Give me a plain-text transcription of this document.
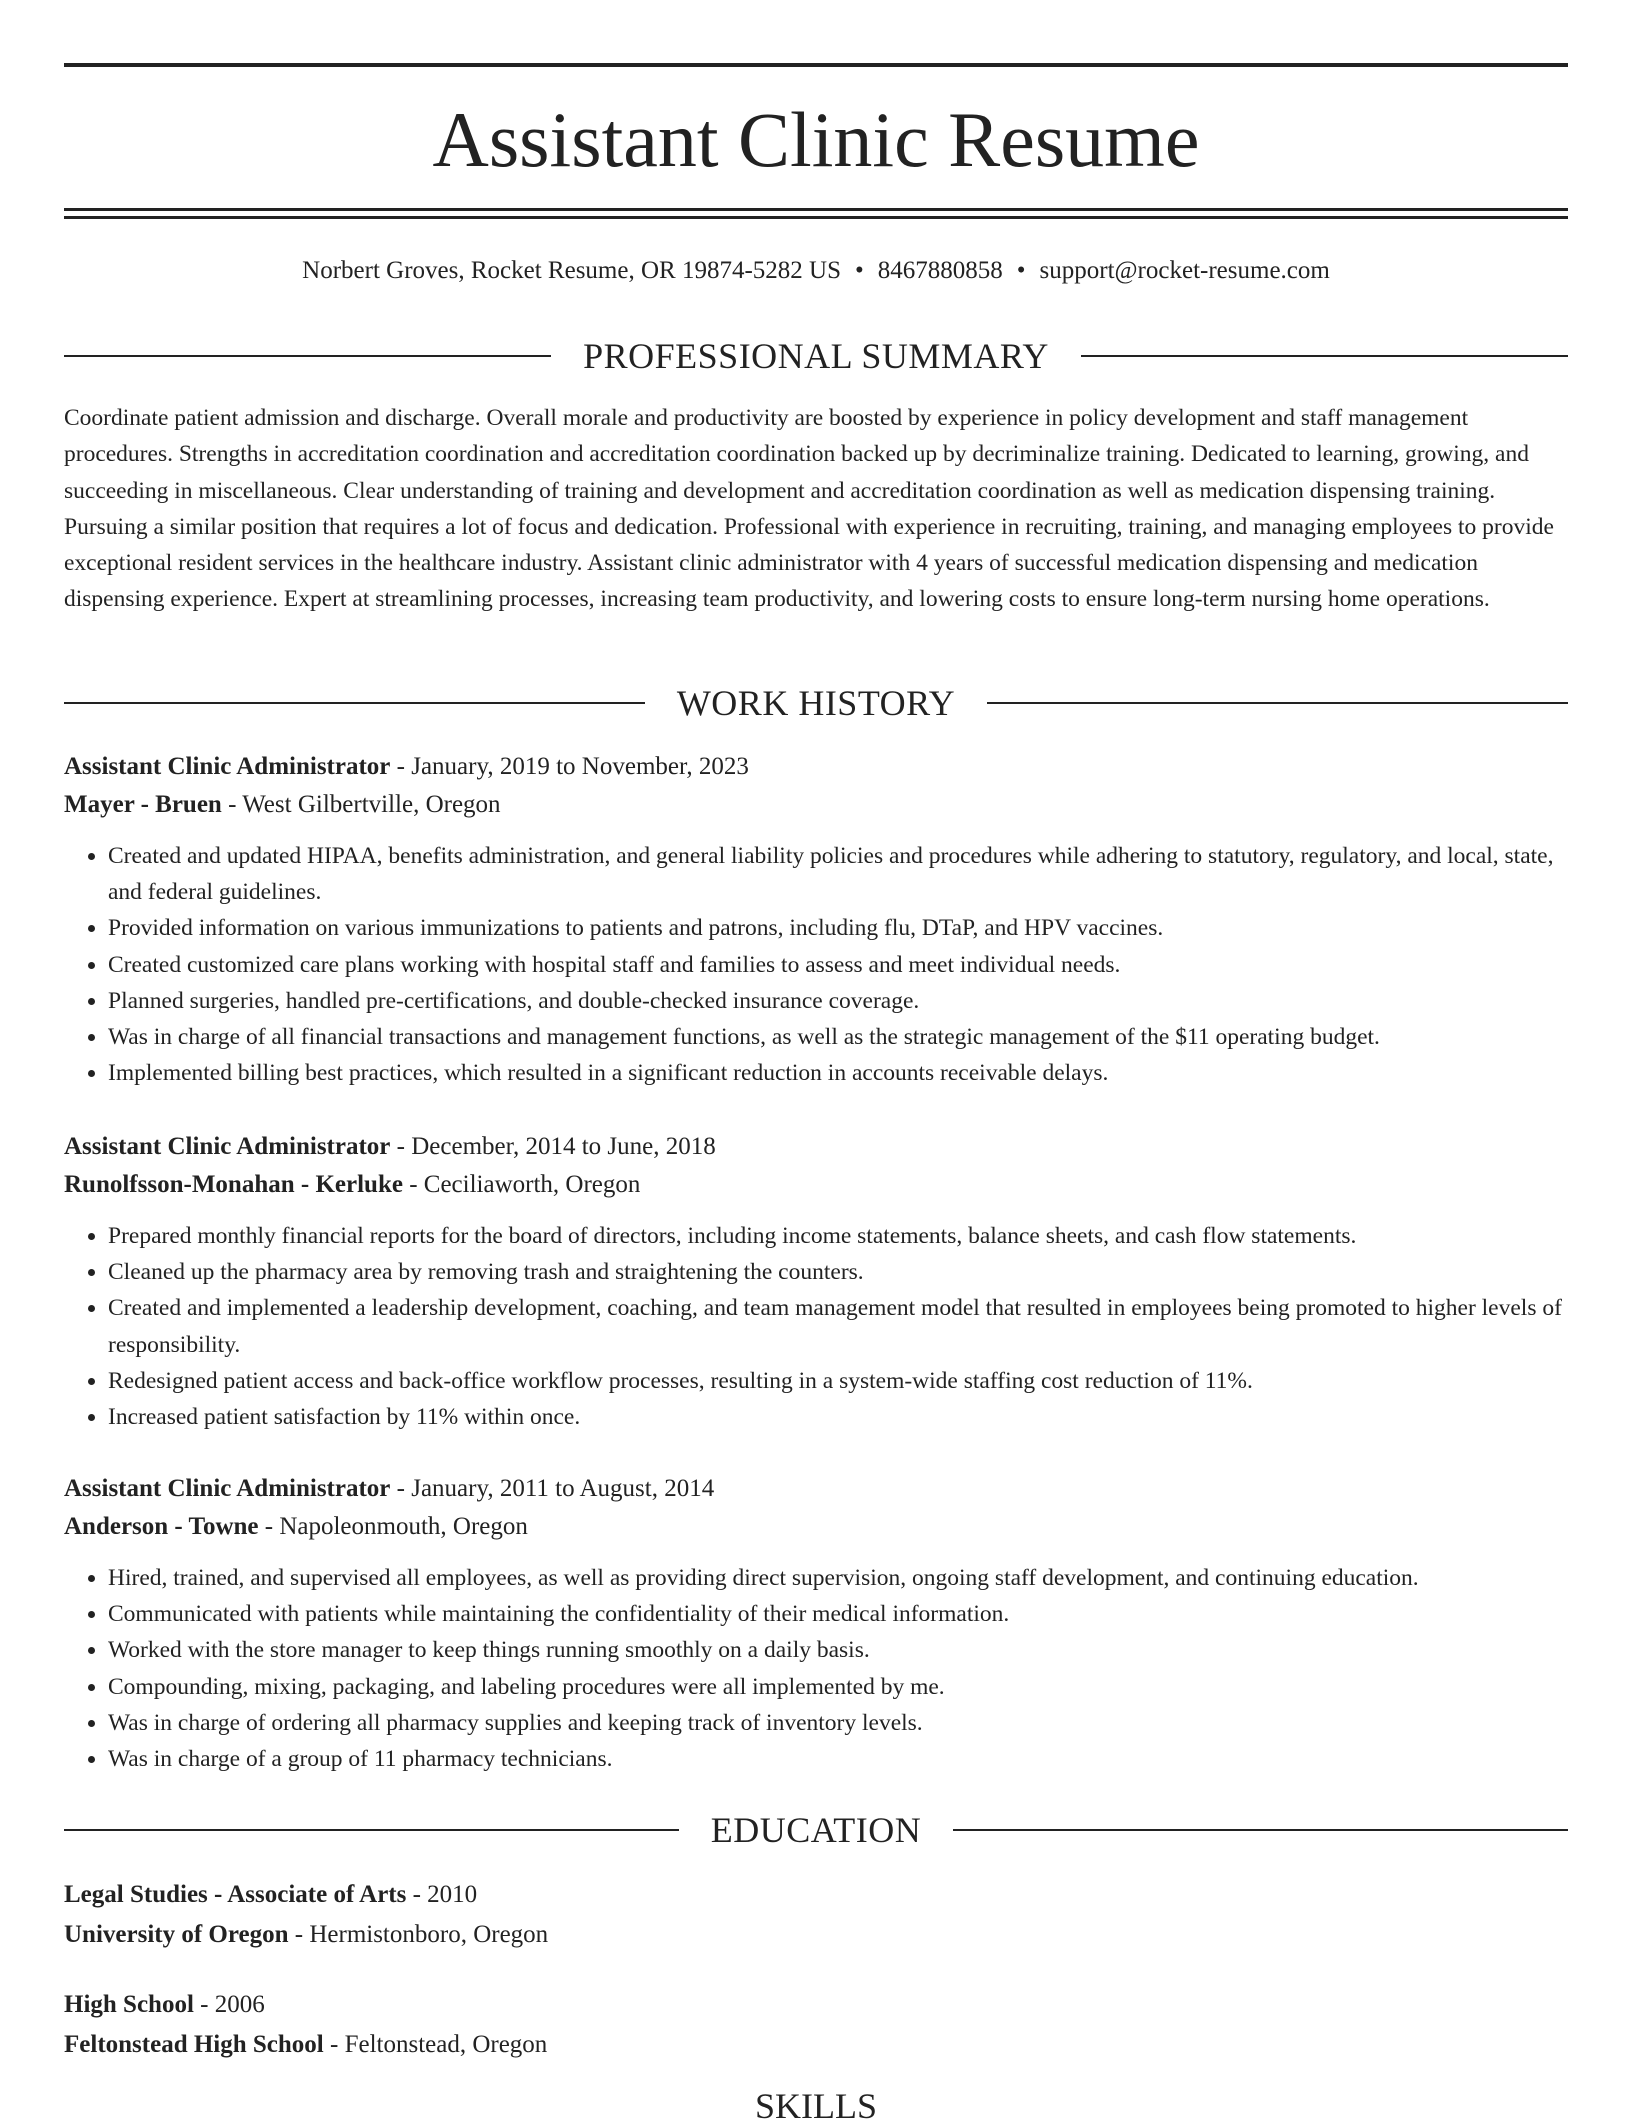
Assistant Clinic Resume
Norbert Groves, Rocket Resume, OR 19874-5282 US • 8467880858 • support@rocket-resume.com
PROFESSIONAL SUMMARY

Coordinate patient admission and discharge. Overall morale and productivity are boosted by experience in policy development and staff management procedures. Strengths in accreditation coordination and accreditation coordination backed up by decriminalize training. Dedicated to learning, growing, and succeeding in miscellaneous. Clear understanding of training and development and accreditation coordination as well as medication dispensing training. Pursuing a similar position that requires a lot of focus and dedication. Professional with experience in recruiting, training, and managing employees to provide exceptional resident services in the healthcare industry. Assistant clinic administrator with 4 years of successful medication dispensing and medication dispensing experience. Expert at streamlining processes, increasing team productivity, and lowering costs to ensure long-term nursing home operations.

WORK HISTORY
Assistant Clinic Administrator - January, 2019 to November, 2023
Mayer - Bruen - West Gilbertville, Oregon
• Created and updated HIPAA, benefits administration, and general liability policies and procedures while adhering to statutory, regulatory, and local, state, and federal guidelines.
• Provided information on various immunizations to patients and patrons, including flu, DTaP, and HPV vaccines.
• Created customized care plans working with hospital staff and families to assess and meet individual needs.
• Planned surgeries, handled pre-certifications, and double-checked insurance coverage.
• Was in charge of all financial transactions and management functions, as well as the strategic management of the $11 operating budget.
• Implemented billing best practices, which resulted in a significant reduction in accounts receivable delays.
Assistant Clinic Administrator - December, 2014 to June, 2018
Runolfsson-Monahan - Kerluke - Ceciliaworth, Oregon
• Prepared monthly financial reports for the board of directors, including income statements, balance sheets, and cash flow statements.
• Cleaned up the pharmacy area by removing trash and straightening the counters.
• Created and implemented a leadership development, coaching, and team management model that resulted in employees being promoted to higher levels of responsibility.
• Redesigned patient access and back-office workflow processes, resulting in a system-wide staffing cost reduction of 11%.
• Increased patient satisfaction by 11% within once.
Assistant Clinic Administrator - January, 2011 to August, 2014
Anderson - Towne - Napoleonmouth, Oregon
• Hired, trained, and supervised all employees, as well as providing direct supervision, ongoing staff development, and continuing education.
• Communicated with patients while maintaining the confidentiality of their medical information.
• Worked with the store manager to keep things running smoothly on a daily basis.
• Compounding, mixing, packaging, and labeling procedures were all implemented by me.
• Was in charge of ordering all pharmacy supplies and keeping track of inventory levels.
• Was in charge of a group of 11 pharmacy technicians.
EDUCATION
Legal Studies - Associate of Arts - 2010
University of Oregon - Hermistonboro, Oregon
High School - 2006
Feltonstead High School - Feltonstead, Oregon
SKILLS
